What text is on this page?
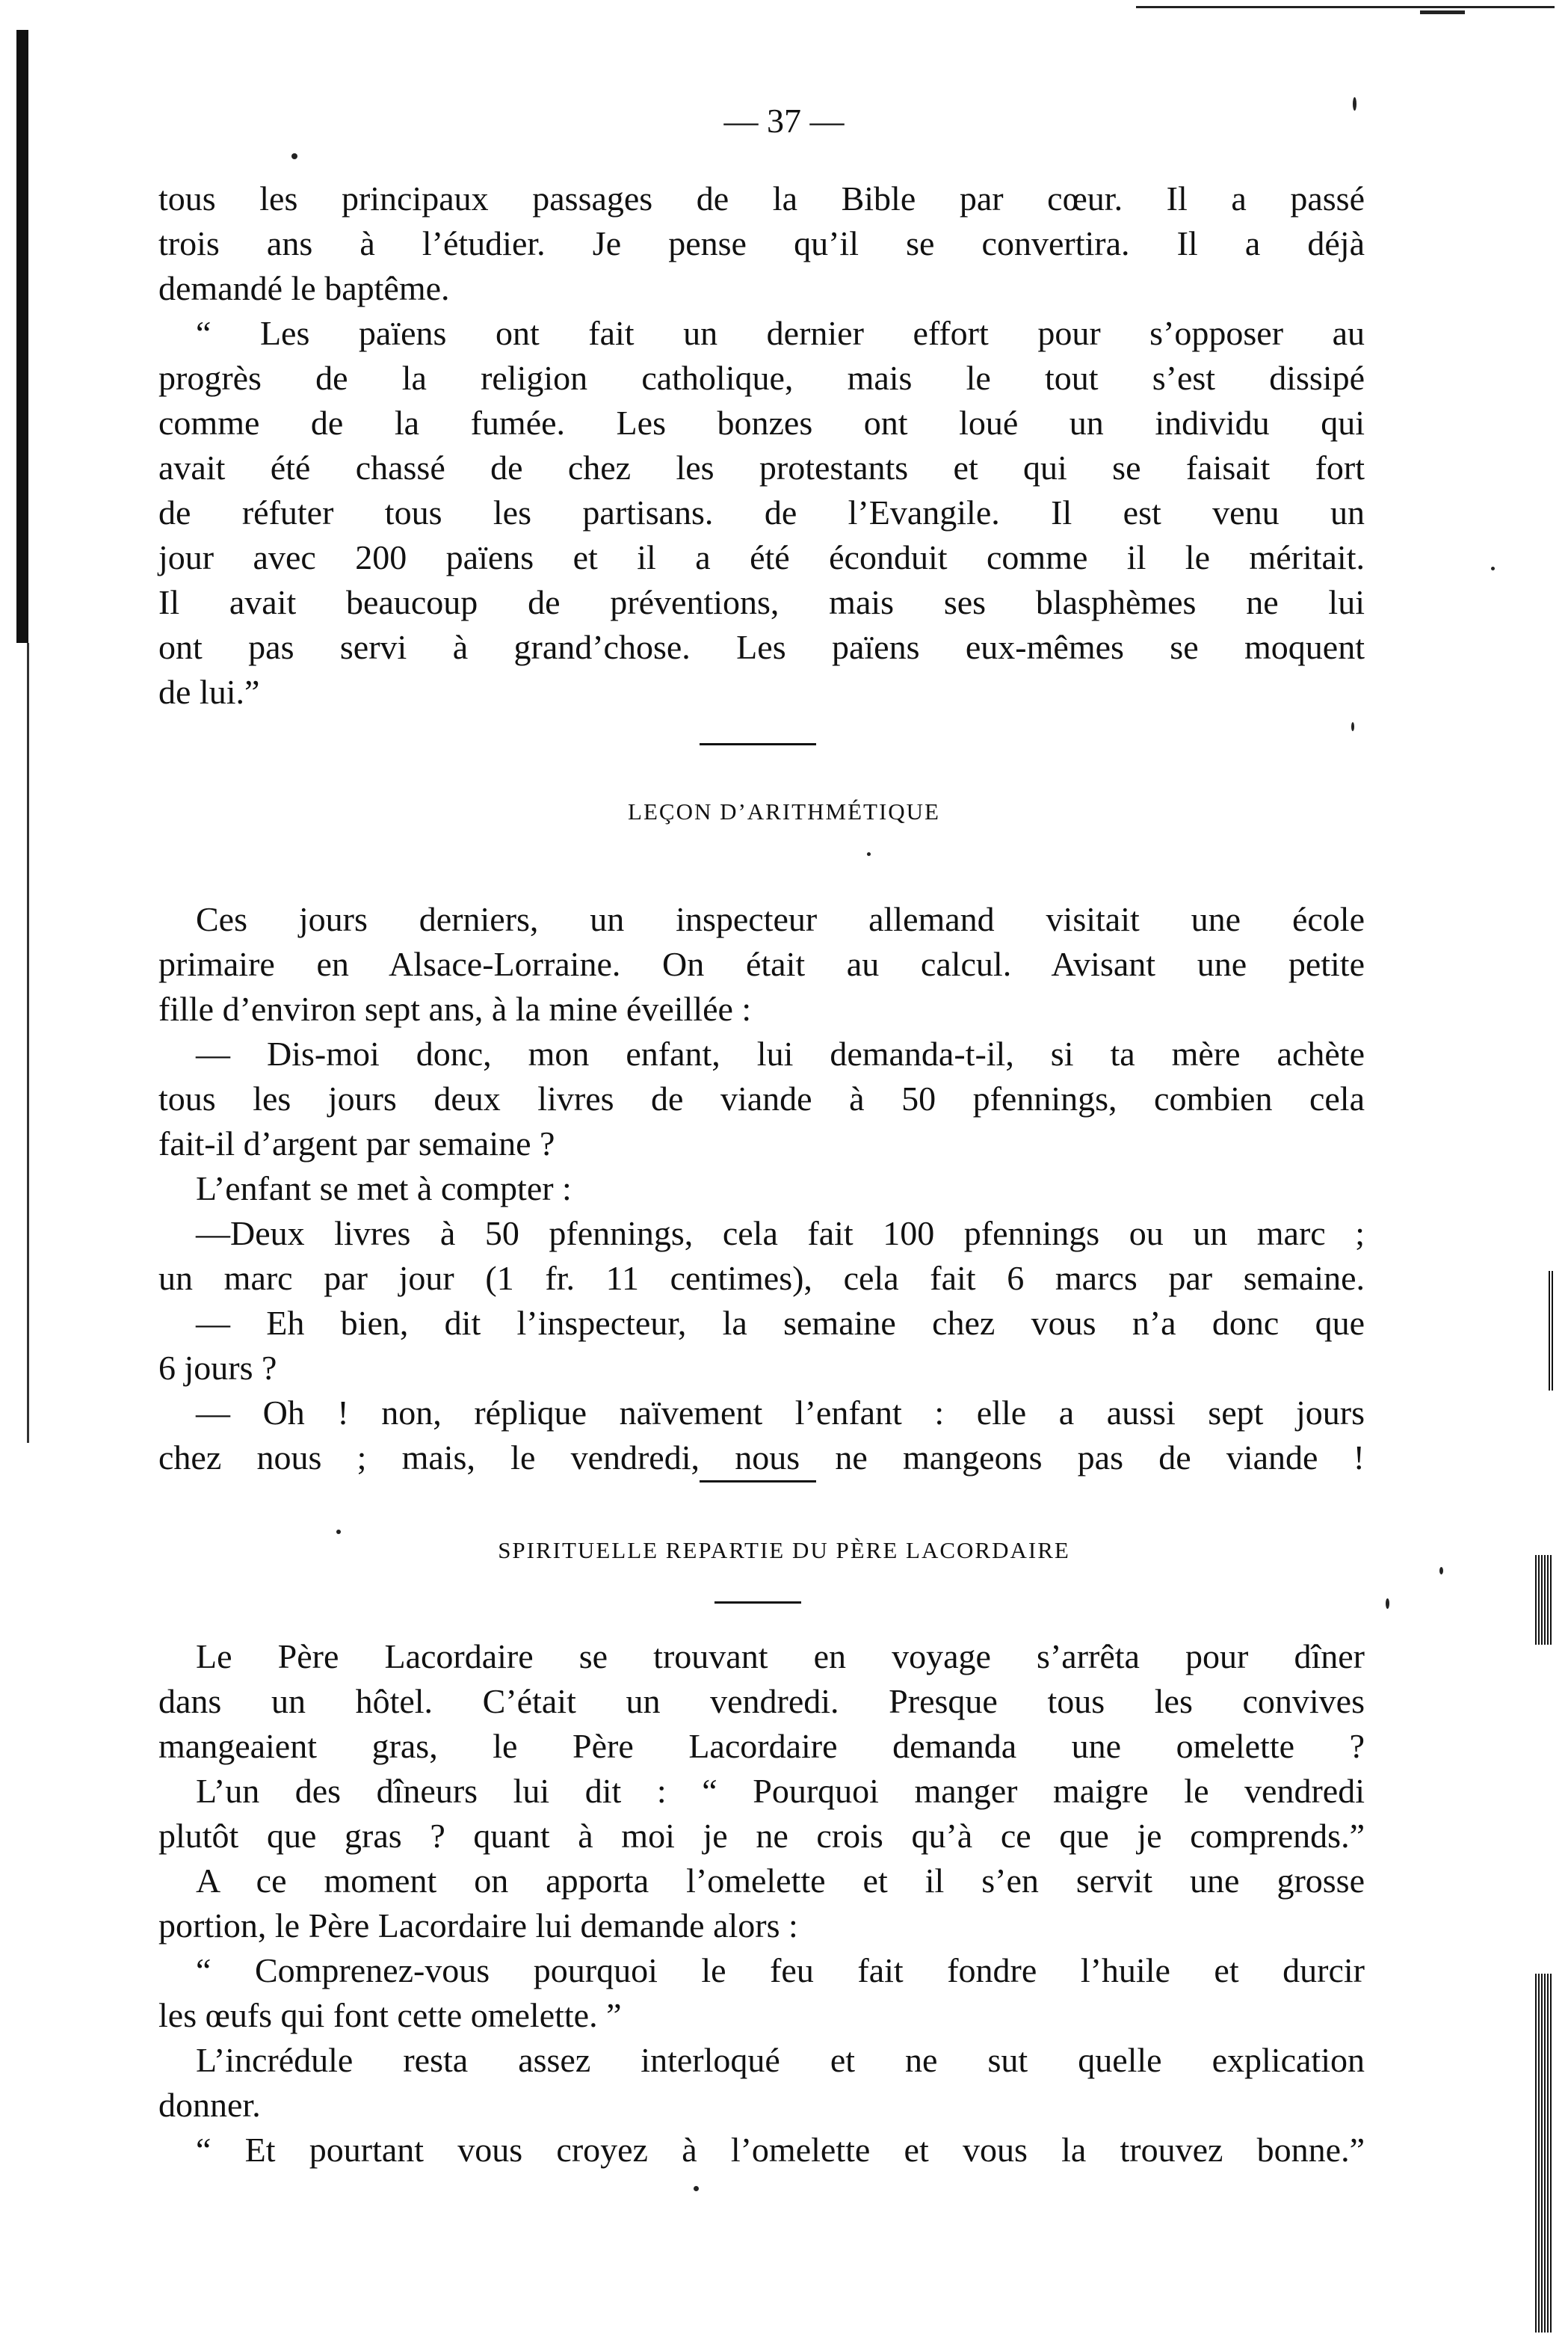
— 37 —

tous les principaux passages de la Bible par cœur. Il a passé

trois ans à l’étudier. Je pense qu’il se convertira. Il a déjà

demandé le baptême.

“ Les païens ont fait un dernier effort pour s’opposer au

progrès de la religion catholique, mais le tout s’est dissipé

comme de la fumée. Les bonzes ont loué un individu qui

avait été chassé de chez les protestants et qui se faisait fort

de réfuter tous les partisans. de l’Evangile. Il est venu un

jour avec 200 païens et il a été éconduit comme il le méritait.

Il avait beaucoup de préventions, mais ses blasphèmes ne lui

ont pas servi à grand’chose. Les païens eux-mêmes se moquent

de lui.”

LEÇON D’ARITHMÉTIQUE

Ces jours derniers, un inspecteur allemand visitait une école

primaire en Alsace-Lorraine. On était au calcul. Avisant une petite

fille d’environ sept ans, à la mine éveillée :

— Dis-moi donc, mon enfant, lui demanda-t-il, si ta mère achète

tous les jours deux livres de viande à 50 pfennings, combien cela

fait-il d’argent par semaine ?

L’enfant se met à compter :

—Deux livres à 50 pfennings, cela fait 100 pfennings ou un marc ;

un marc par jour (1 fr. 11 centimes), cela fait 6 marcs par semaine.

— Eh bien, dit l’inspecteur, la semaine chez vous n’a donc que

6 jours ?

— Oh ! non, réplique naïvement l’enfant : elle a aussi sept jours

chez nous ; mais, le vendredi, nous ne mangeons pas de viande !

SPIRITUELLE REPARTIE DU PÈRE LACORDAIRE

Le Père Lacordaire se trouvant en voyage s’arrêta pour dîner

dans un hôtel. C’était un vendredi. Presque tous les convives

mangeaient gras, le Père Lacordaire demanda une omelette ?

L’un des dîneurs lui dit : “ Pourquoi manger maigre le vendredi

plutôt que gras ? quant à moi je ne crois qu’à ce que je comprends.”

A ce moment on apporta l’omelette et il s’en servit une grosse

portion, le Père Lacordaire lui demande alors :

“ Comprenez-vous pourquoi le feu fait fondre l’huile et durcir

les œufs qui font cette omelette. ”

L’incrédule resta assez interloqué et ne sut quelle explication

donner.

“ Et pourtant vous croyez à l’omelette et vous la trouvez bonne.”
